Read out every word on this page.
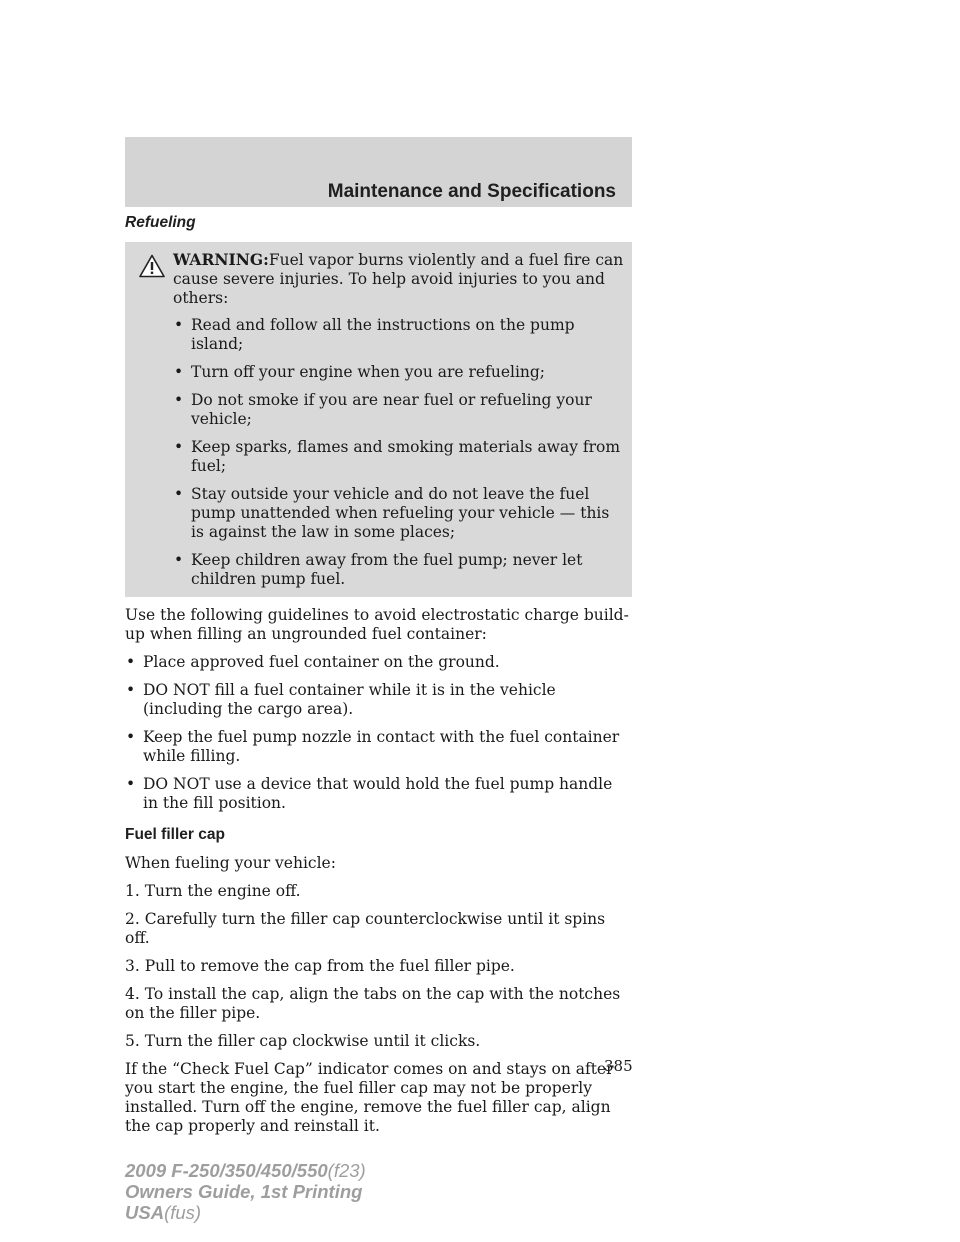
Maintenance and Specifications
Refueling

WARNING:Fuel vapor burns violently and a fuel fire can cause severe injuries. To help avoid injuries to you and others:

• Read and follow all the instructions on the pump island;
• Turn off your engine when you are refueling;
• Do not smoke if you are near fuel or refueling your vehicle;
• Keep sparks, flames and smoking materials away from fuel;
• Stay outside your vehicle and do not leave the fuel pump unattended when refueling your vehicle — this is against the law in some places;
• Keep children away from the fuel pump; never let children pump fuel.

Use the following guidelines to avoid electrostatic charge build-up when filling an ungrounded fuel container:

• Place approved fuel container on the ground.
• DO NOT fill a fuel container while it is in the vehicle (including the cargo area).
• Keep the fuel pump nozzle in contact with the fuel container while filling.
• DO NOT use a device that would hold the fuel pump handle in the fill position.
Fuel filler cap

When fueling your vehicle:

1. Turn the engine off.

2. Carefully turn the filler cap counterclockwise until it spins off.

3. Pull to remove the cap from the fuel filler pipe.

4. To install the cap, align the tabs on the cap with the notches on the filler pipe.

5. Turn the filler cap clockwise until it clicks.

If the “Check Fuel Cap” indicator comes on and stays on after you start the engine, the fuel filler cap may not be properly installed. Turn off the engine, remove the fuel filler cap, align the cap properly and reinstall it.

385
2009 F-250/350/450/550(f23)
Owners Guide, 1st Printing
USA(fus)
